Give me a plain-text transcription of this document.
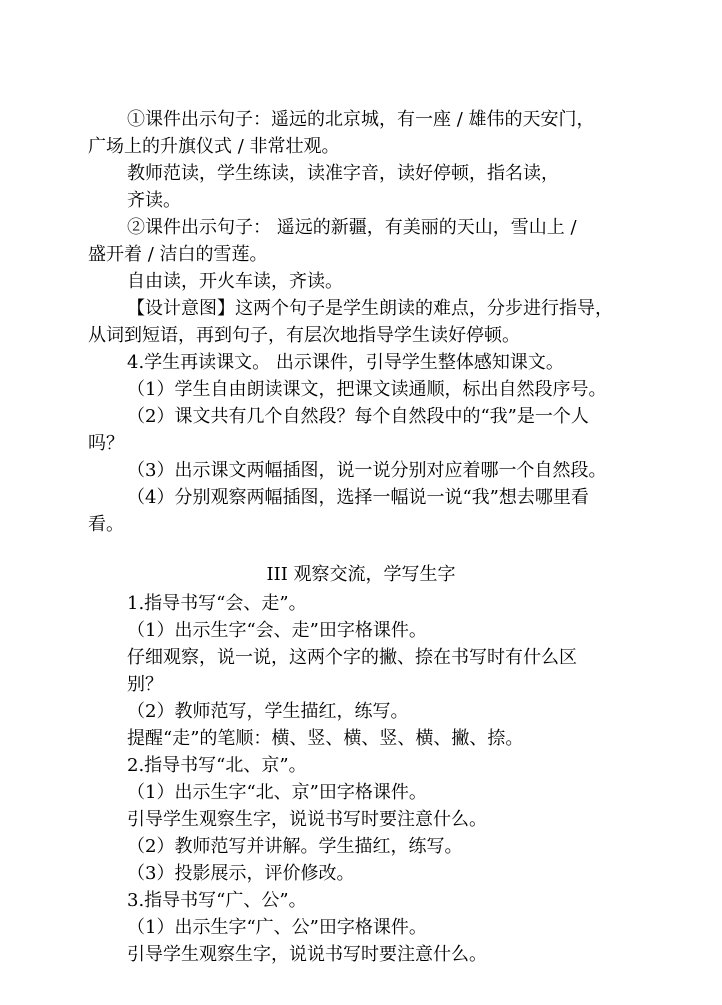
①课件出示句子：遥远的北京城，有一座 / 雄伟的天安门，
广场上的升旗仪式 / 非常壮观。
教师范读，学生练读，读准字音，读好停顿，指名读，
齐读。
②课件出示句子： 遥远的新疆，有美丽的天山，雪山上 /
盛开着 / 洁白的雪莲。
自由读，开火车读，齐读。
【设计意图】这两个句子是学生朗读的难点，分步进行指导，
从词到短语，再到句子，有层次地指导学生读好停顿。
4.学生再读课文。 出示课件，引导学生整体感知课文。
（1）学生自由朗读课文，把课文读通顺，标出自然段序号。
（2）课文共有几个自然段？每个自然段中的“我”是一个人
吗？
（3）出示课文两幅插图，说一说分别对应着哪一个自然段。
（4）分别观察两幅插图，选择一幅说一说“我”想去哪里看
看。
III 观察交流，学写生字
1.指导书写“会、走”。
（1）出示生字“会、走”田字格课件。
仔细观察，说一说，这两个字的撇、捺在书写时有什么区
别？
（2）教师范写，学生描红，练写。
提醒“走”的笔顺：横、竖、横、竖、横、撇、捺。
2.指导书写“北、京”。
（1）出示生字“北、京”田字格课件。
引导学生观察生字，说说书写时要注意什么。
（2）教师范写并讲解。学生描红，练写。
（3）投影展示，评价修改。
3.指导书写“广、公”。
（1）出示生字“广、公”田字格课件。
引导学生观察生字，说说书写时要注意什么。
